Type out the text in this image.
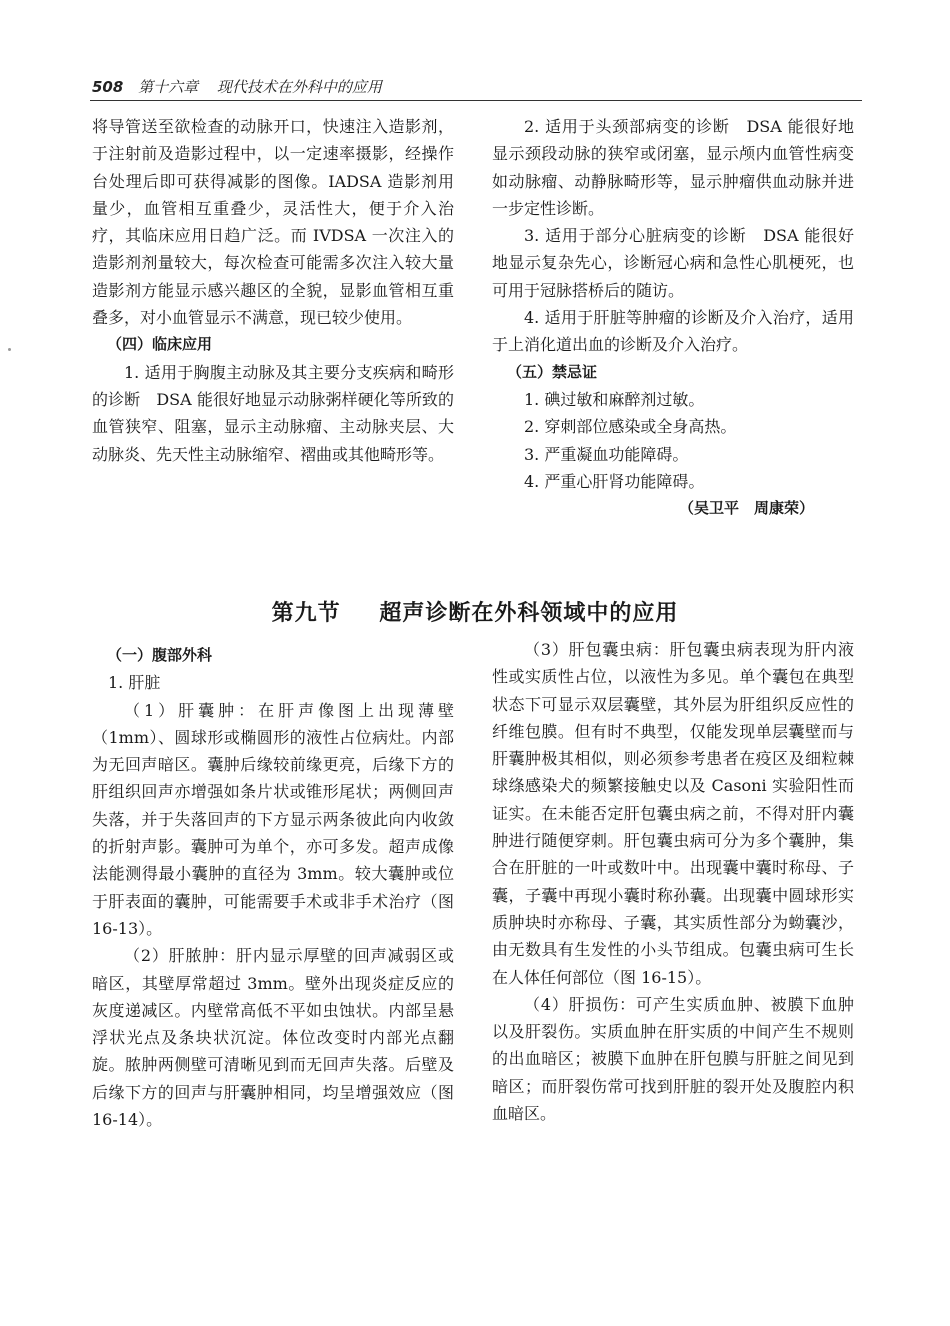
508 第十六章 现代技术在外科中的应用

将导管送至欲检查的动脉开口，快速注入造影剂，于注射前及造影过程中，以一定速率摄影，经操作台处理后即可获得减影的图像。IADSA 造影剂用量少，血管相互重叠少，灵活性大，便于介入治疗，其临床应用日趋广泛。而 IVDSA 一次注入的造影剂剂量较大，每次检查可能需多次注入较大量造影剂方能显示感兴趣区的全貌，显影血管相互重叠多，对小血管显示不满意，现已较少使用。

（四）临床应用

1. 适用于胸腹主动脉及其主要分支疾病和畸形的诊断　DSA 能很好地显示动脉粥样硬化等所致的血管狭窄、阻塞，显示主动脉瘤、主动脉夹层、大动脉炎、先天性主动脉缩窄、褶曲或其他畸形等。

2. 适用于头颈部病变的诊断　DSA 能很好地显示颈段动脉的狭窄或闭塞，显示颅内血管性病变如动脉瘤、动静脉畸形等，显示肿瘤供血动脉并进一步定性诊断。

3. 适用于部分心脏病变的诊断　DSA 能很好地显示复杂先心，诊断冠心病和急性心肌梗死，也可用于冠脉搭桥后的随访。

4. 适用于肝脏等肿瘤的诊断及介入治疗，适用于上消化道出血的诊断及介入治疗。

（五）禁忌证

1. 碘过敏和麻醉剂过敏。

2. 穿刺部位感染或全身高热。

3. 严重凝血功能障碍。

4. 严重心肝肾功能障碍。

（吴卫平　周康荣）

第九节 超声诊断在外科领域中的应用

（一）腹部外科

1. 肝脏

（1）肝囊肿：在肝声像图上出现薄壁（1mm）、圆球形或椭圆形的液性占位病灶。内部为无回声暗区。囊肿后缘较前缘更亮，后缘下方的肝组织回声亦增强如条片状或锥形尾状；两侧回声失落，并于失落回声的下方显示两条彼此向内收敛的折射声影。囊肿可为单个，亦可多发。超声成像法能测得最小囊肿的直径为 3mm。较大囊肿或位于肝表面的囊肿，可能需要手术或非手术治疗（图 16-13）。

（2）肝脓肿：肝内显示厚壁的回声减弱区或暗区，其壁厚常超过 3mm。壁外出现炎症反应的灰度递减区。内壁常高低不平如虫蚀状。内部呈悬浮状光点及条块状沉淀。体位改变时内部光点翻旋。脓肿两侧壁可清晰见到而无回声失落。后壁及后缘下方的回声与肝囊肿相同，均呈增强效应（图 16-14）。

（3）肝包囊虫病：肝包囊虫病表现为肝内液性或实质性占位，以液性为多见。单个囊包在典型状态下可显示双层囊壁，其外层为肝组织反应性的纤维包膜。但有时不典型，仅能发现单层囊壁而与肝囊肿极其相似，则必须参考患者在疫区及细粒棘球绦感染犬的频繁接触史以及 Casoni 实验阳性而证实。在未能否定肝包囊虫病之前，不得对肝内囊肿进行随便穿刺。肝包囊虫病可分为多个囊肿，集合在肝脏的一叶或数叶中。出现囊中囊时称母、子囊，子囊中再现小囊时称孙囊。出现囊中圆球形实质肿块时亦称母、子囊，其实质性部分为蚴囊沙，由无数具有生发性的小头节组成。包囊虫病可生长在人体任何部位（图 16-15）。

（4）肝损伤：可产生实质血肿、被膜下血肿以及肝裂伤。实质血肿在肝实质的中间产生不规则的出血暗区；被膜下血肿在肝包膜与肝脏之间见到暗区；而肝裂伤常可找到肝脏的裂开处及腹腔内积血暗区。
